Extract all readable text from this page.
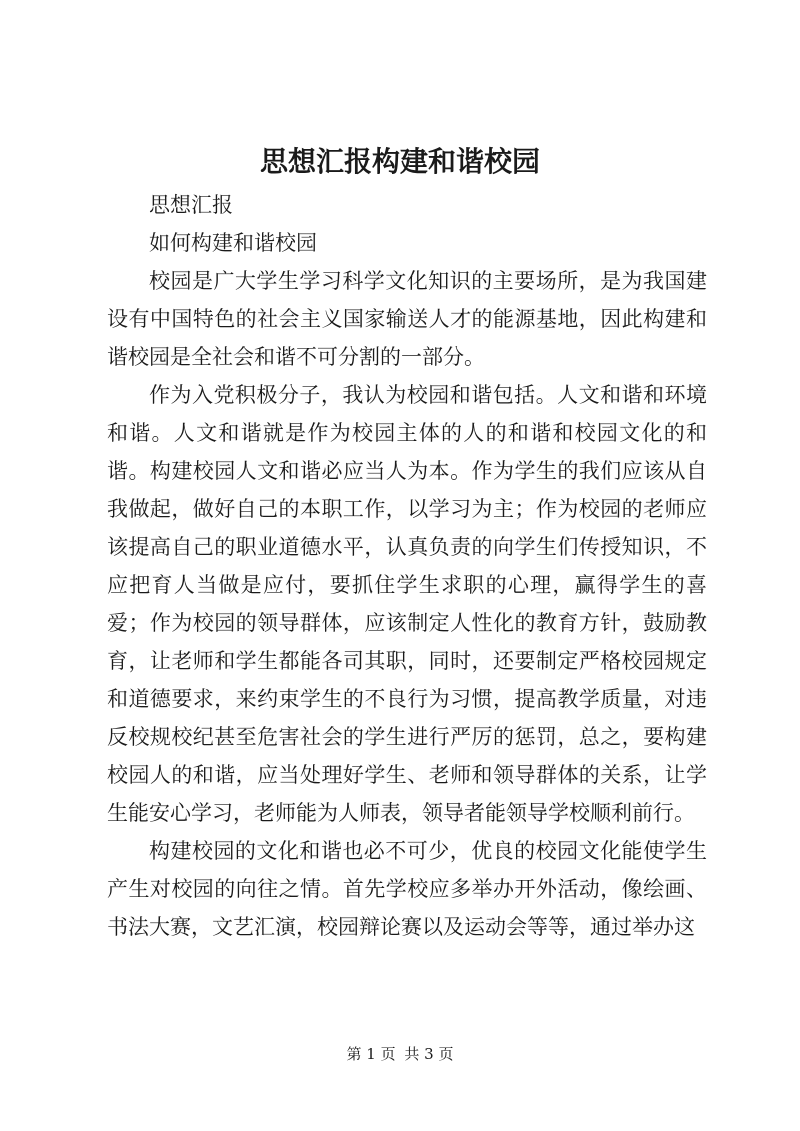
思想汇报构建和谐校园

思想汇报

如何构建和谐校园

校园是广大学生学习科学文化知识的主要场所，是为我国建设有中国特色的社会主义国家输送人才的能源基地，因此构建和谐校园是全社会和谐不可分割的一部分。

作为入党积极分子，我认为校园和谐包括。人文和谐和环境和谐。人文和谐就是作为校园主体的人的和谐和校园文化的和谐。构建校园人文和谐必应当人为本。作为学生的我们应该从自我做起，做好自己的本职工作，以学习为主；作为校园的老师应该提高自己的职业道德水平，认真负责的向学生们传授知识，不应把育人当做是应付，要抓住学生求职的心理，赢得学生的喜爱；作为校园的领导群体，应该制定人性化的教育方针，鼓励教育，让老师和学生都能各司其职，同时，还要制定严格校园规定和道德要求，来约束学生的不良行为习惯，提高教学质量，对违反校规校纪甚至危害社会的学生进行严厉的惩罚，总之，要构建校园人的和谐，应当处理好学生、老师和领导群体的关系，让学生能安心学习，老师能为人师表，领导者能领导学校顺利前行。

构建校园的文化和谐也必不可少，优良的校园文化能使学生产生对校园的向往之情。首先学校应多举办开外活动，像绘画、书法大赛，文艺汇演，校园辩论赛以及运动会等等，通过举办这

第 1 页 共 3 页
